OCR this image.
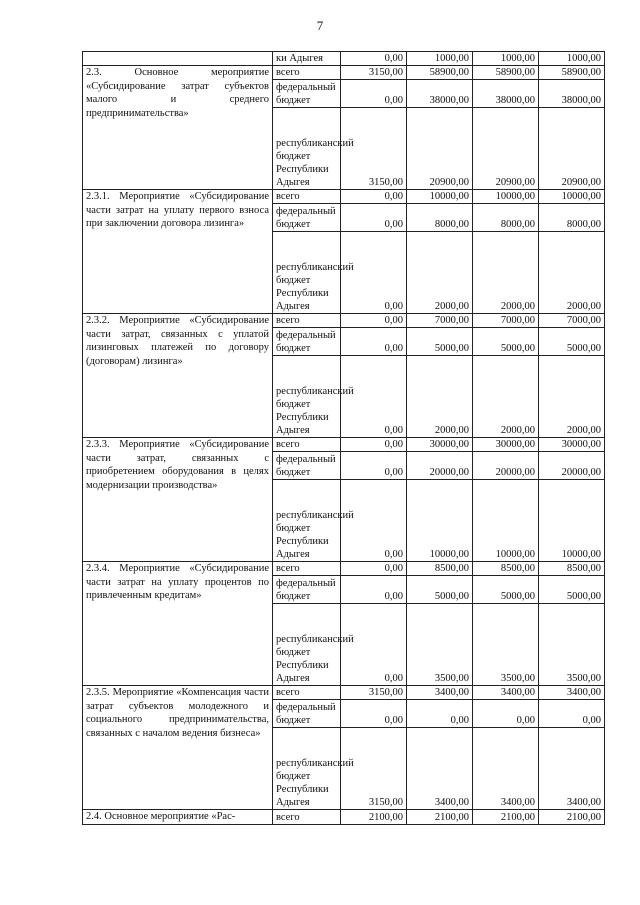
7
	ки Адыгея	0,00	1000,00	1000,00	1000,00
2.3. Основное мероприятие «Субсидирование затрат субъектов малого и среднего предпринимательства»	всего	3150,00	58900,00	58900,00	58900,00
	федеральный бюджет	0,00	38000,00	38000,00	38000,00
	республиканский бюджет Республики Адыгея	3150,00	20900,00	20900,00	20900,00
2.3.1. Мероприятие «Субсидирование части затрат на уплату первого взноса при заключении договора лизинга»	всего	0,00	10000,00	10000,00	10000,00
	федеральный бюджет	0,00	8000,00	8000,00	8000,00
	республиканский бюджет Республики Адыгея	0,00	2000,00	2000,00	2000,00
2.3.2. Мероприятие «Субсидирование части затрат, связанных с уплатой лизинговых платежей по договору (договорам) лизинга»	всего	0,00	7000,00	7000,00	7000,00
	федеральный бюджет	0,00	5000,00	5000,00	5000,00
	республиканский бюджет Республики Адыгея	0,00	2000,00	2000,00	2000,00
2.3.3. Мероприятие «Субсидирование части затрат, связанных с приобретением оборудования в целях модернизации производства»	всего	0,00	30000,00	30000,00	30000,00
	федеральный бюджет	0,00	20000,00	20000,00	20000,00
	республиканский бюджет Республики Адыгея	0,00	10000,00	10000,00	10000,00
2.3.4. Мероприятие «Субсидирование части затрат на уплату процентов по привлеченным кредитам»	всего	0,00	8500,00	8500,00	8500,00
	федеральный бюджет	0,00	5000,00	5000,00	5000,00
	республиканский бюджет Республики Адыгея	0,00	3500,00	3500,00	3500,00
2.3.5. Мероприятие «Компенсация части затрат субъектов молодежного и социального предпринимательства, связанных с началом ведения бизнеса»	всего	3150,00	3400,00	3400,00	3400,00
	федеральный бюджет	0,00	0,00	0,00	0,00
	республиканский бюджет Республики Адыгея	3150,00	3400,00	3400,00	3400,00
2.4. Основное мероприятие «Рас-	всего	2100,00	2100,00	2100,00	2100,00
